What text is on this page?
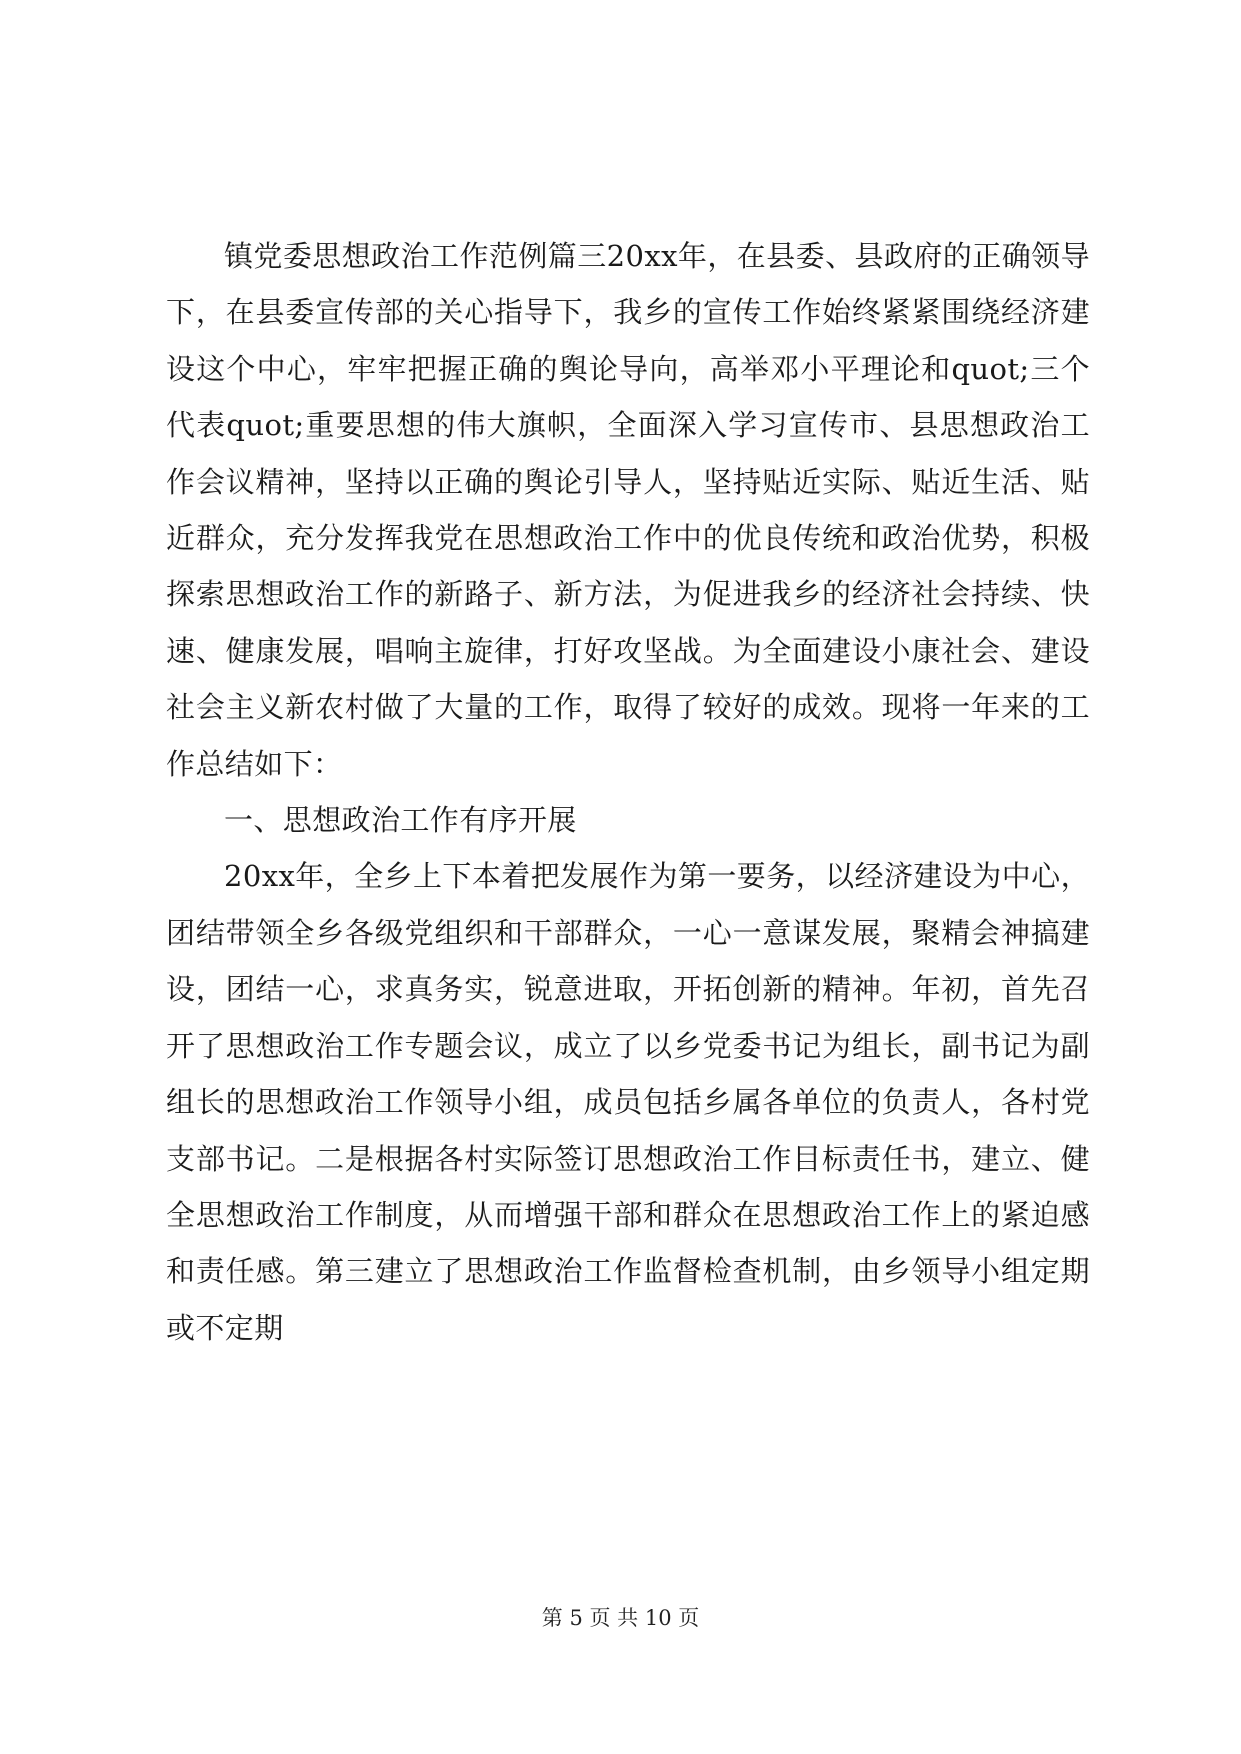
镇党委思想政治工作范例篇三20xx年，在县委、县政府的正确领导下，在县委宣传部的关心指导下，我乡的宣传工作始终紧紧围绕经济建设这个中心，牢牢把握正确的舆论导向，高举邓小平理论和quot;三个代表quot;重要思想的伟大旗帜，全面深入学习宣传市、县思想政治工作会议精神，坚持以正确的舆论引导人，坚持贴近实际、贴近生活、贴近群众，充分发挥我党在思想政治工作中的优良传统和政治优势，积极探索思想政治工作的新路子、新方法，为促进我乡的经济社会持续、快速、健康发展，唱响主旋律，打好攻坚战。为全面建设小康社会、建设社会主义新农村做了大量的工作，取得了较好的成效。现将一年来的工作总结如下：

一、思想政治工作有序开展

20xx年，全乡上下本着把发展作为第一要务，以经济建设为中心，团结带领全乡各级党组织和干部群众，一心一意谋发展，聚精会神搞建设，团结一心，求真务实，锐意进取，开拓创新的精神。年初，首先召开了思想政治工作专题会议，成立了以乡党委书记为组长，副书记为副组长的思想政治工作领导小组，成员包括乡属各单位的负责人，各村党支部书记。二是根据各村实际签订思想政治工作目标责任书，建立、健全思想政治工作制度，从而增强干部和群众在思想政治工作上的紧迫感和责任感。第三建立了思想政治工作监督检查机制，由乡领导小组定期或不定期

第 5 页 共 10 页
